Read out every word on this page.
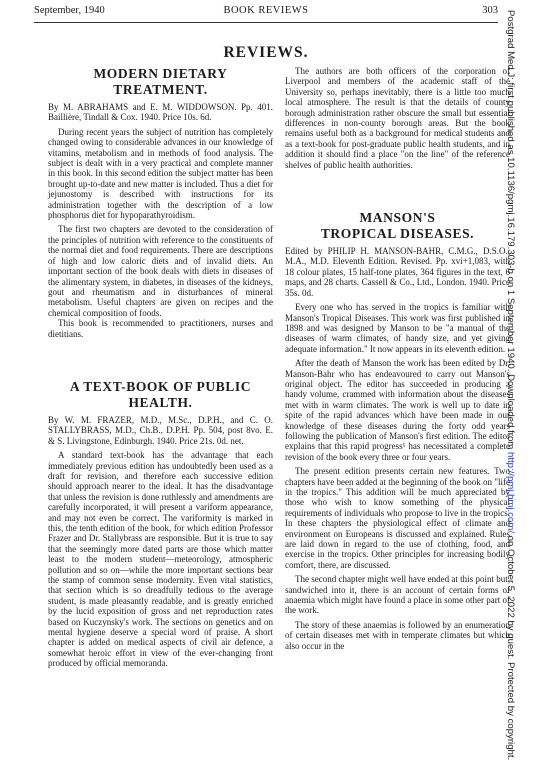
September, 1940	BOOK REVIEWS	303
REVIEWS.
MODERN DIETARY
TREATMENT.
By M. ABRAHAMS and E. M. WIDDOWSON. Pp. 401. Baillière, Tindall & Cox. 1940. Price 10s. 6d.

During recent years the subject of nutrition has completely changed owing to considerable advances in our knowledge of vitamins, metabolism and in methods of food analysis. The subject is dealt with in a very practical and complete manner in this book. In this second edition the subject matter has been brought up-to-date and new matter is included. Thus a diet for jejunostomy is described with instructions for its administration together with the description of a low phosphorus diet for hypoparathyroidism.

The first two chapters are devoted to the consideration of the principles of nutrition with reference to the constituents of the normal diet and food requirements. There are descriptions of high and low caloric diets and of invalid diets. An important section of the book deals with diets in diseases of the alimentary system, in diabetes, in diseases of the kidneys, gout and rheumatism and in disturbances of mineral metabolism. Useful chapters are given on recipes and the chemical composition of foods.

This book is recommended to practitioners, nurses and dietitians.

A TEXT-BOOK OF PUBLIC
HEALTH.
By W. M. FRAZER, M.D., M.Sc., D.P.H., and C. O. STALLYBRASS, M.D., Ch.B., D.P.H. Pp. 504, post 8vo. E. & S. Livingstone, Edinburgh. 1940. Price 21s. 0d. net.

A standard text-book has the advantage that each immediately previous edition has undoubtedly been used as a draft for revision, and therefore each successive edition should approach nearer to the ideal. It has the disadvantage that unless the revision is done ruthlessly and amendments are carefully incorporated, it will present a variform appearance, and may not even be correct. The variformity is marked in this, the tenth edition of the book, for which edition Professor Frazer and Dr. Stallybrass are responsible. But it is true to say that the seemingly more dated parts are those which matter least to the modern student—meteorology, atmospheric pollution and so on—while the more important sections bear the stamp of common sense modernity. Even vital statistics, that section which is so dreadfully tedious to the average student, is made pleasantly readable, and is greatly enriched by the lucid exposition of gross and net reproduction rates based on Kuczynsky's work. The sections on genetics and on mental hygiene deserve a special word of praise. A short chapter is added on medical aspects of civil air defence, a somewhat heroic effort in view of the ever-changing front produced by official memoranda.

The authors are both officers of the corporation of Liverpool and members of the academic staff of the University so, perhaps inevitably, there is a little too much local atmosphere. The result is that the details of county borough administration rather obscure the small but essential differences in non-county borough areas. But the book remains useful both as a background for medical students and as a text-book for post-graduate public health students, and in addition it should find a place "on the line" of the reference shelves of public health authorities.

MANSON'S
TROPICAL DISEASES.
Edited by PHILIP H. MANSON-BAHR, C.M.G., D.S.O., M.A., M.D. Eleventh Edition. Revised. Pp. xvi+1,083, with 18 colour plates, 15 half-tone plates, 364 figures in the text, 6 maps, and 28 charts. Cassell & Co., Ltd., London. 1940. Price 35s. 0d.

Every one who has served in the tropics is familiar with Manson's Tropical Diseases. This work was first published in 1898 and was designed by Manson to be "a manual of the diseases of warm climates, of handy size, and yet giving adequate information." It now appears in its eleventh edition.

After the death of Manson the work has been edited by Dr. Manson-Bahr who has endeavoured to carry out Manson's original object. The editor has succeeded in producing a handy volume, crammed with information about the diseases met with in warm climates. The work is well up to date in spite of the rapid advances which have been made in our knowledge of these diseases during the forty odd years following the publication of Manson's first edition. The editor explains that this rapid progress¹ has necessitated a complete revision of the book every three or four years.

The present edition presents certain new features. Two chapters have been added at the beginning of the book on "life in the tropics." This addition will be much appreciated by those who wish to know something of the physical requirements of individuals who propose to live in the tropics. In these chapters the physiological effect of climate and environment on Europeans is discussed and explained. Rules are laid down in regard to the use of clothing, food, and exercise in the tropics. Other principles for increasing bodily comfort, there, are discussed.

The second chapter might well have ended at this point but, sandwiched into it, there is an account of certain forms of anaemia which might have found a place in some other part of the work.

The story of these anaemias is followed by an enumeration of certain diseases met with in temperate climates but which also occur in the

Postgrad Med J: first published as 10.1136/pgmj.16.179.303-b on 1 September 1940. Downloaded from http://pmj.bmj.com/ on October 5, 2022 by guest. Protected by copyright.
